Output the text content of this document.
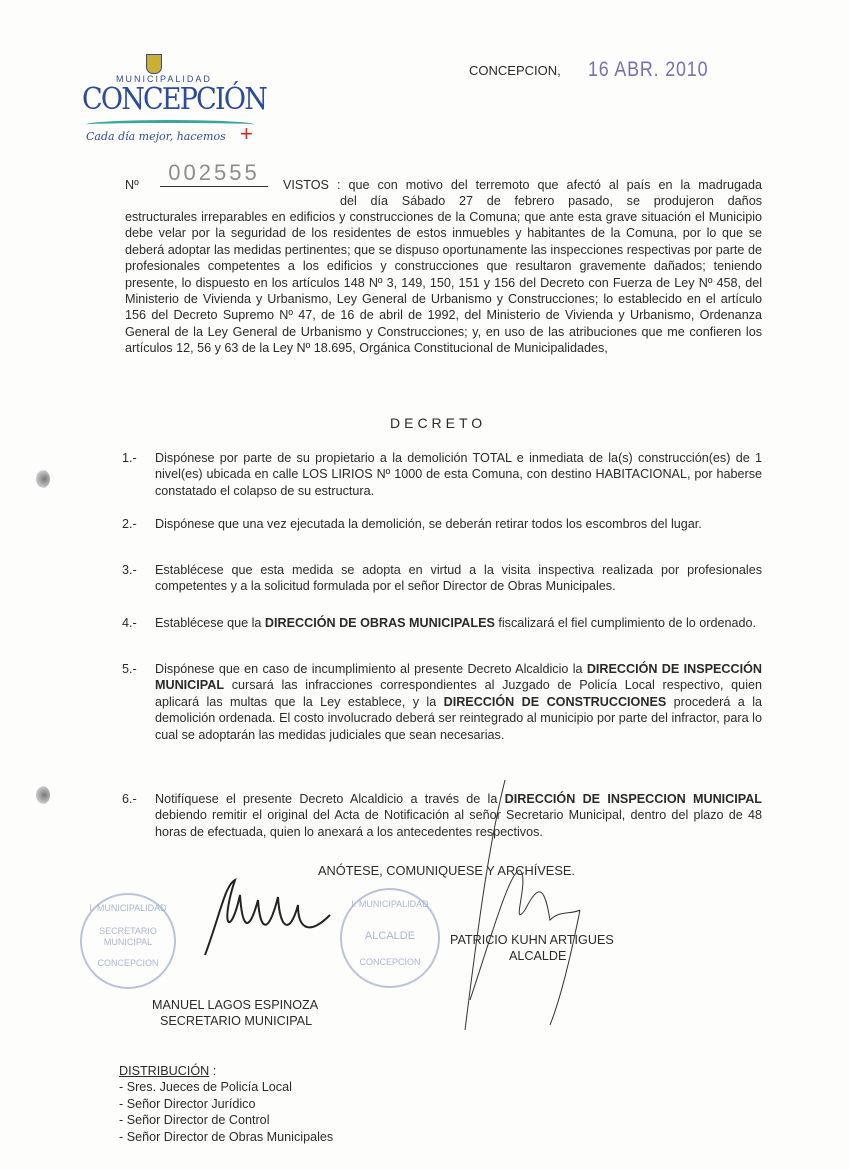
MUNICIPALIDAD
CONCEPCIÓN
Cada día mejor, hacemos +
CONCEPCION, 16 ABR. 2010
Nº	002555	VISTOS : que con motivo del terremoto que afectó al país en la madrugada
del día Sábado 27 de febrero pasado, se produjeron daños
estructurales irreparables en edificios y construcciones de la Comuna; que ante esta grave situación el Municipio debe velar por la seguridad de los residentes de estos inmuebles y habitantes de la Comuna, por lo que se deberá adoptar las medidas pertinentes; que se dispuso oportunamente las inspecciones respectivas por parte de profesionales competentes a los edificios y construcciones que resultaron gravemente dañados; teniendo presente, lo dispuesto en los artículos 148 Nº 3, 149, 150, 151 y 156 del Decreto con Fuerza de Ley Nº 458, del Ministerio de Vivienda y Urbanismo, Ley General de Urbanismo y Construcciones; lo establecido en el artículo 156 del Decreto Supremo Nº 47, de 16 de abril de 1992, del Ministerio de Vivienda y Urbanismo, Ordenanza General de la Ley General de Urbanismo y Construcciones; y, en uso de las atribuciones que me confieren los artículos 12, 56 y 63 de la Ley Nº 18.695, Orgánica Constitucional de Municipalidades,
DECRETO
1.- Dispónese por parte de su propietario a la demolición TOTAL e inmediata de la(s) construcción(es) de 1 nivel(es) ubicada en calle LOS LIRIOS Nº 1000 de esta Comuna, con destino HABITACIONAL, por haberse constatado el colapso de su estructura.
2.- Dispónese que una vez ejecutada la demolición, se deberán retirar todos los escombros del lugar.
3.- Establécese que esta medida se adopta en virtud a la visita inspectiva realizada por profesionales competentes y a la solicitud formulada por el señor Director de Obras Municipales.
4.- Establécese que la DIRECCIÓN DE OBRAS MUNICIPALES fiscalizará el fiel cumplimiento de lo ordenado.
5.- Dispónese que en caso de incumplimiento al presente Decreto Alcaldicio la DIRECCIÓN DE INSPECCIÓN MUNICIPAL cursará las infracciones correspondientes al Juzgado de Policía Local respectivo, quien aplicará las multas que la Ley establece, y la DIRECCIÓN DE CONSTRUCCIONES procederá a la demolición ordenada. El costo involucrado deberá ser reintegrado al municipio por parte del infractor, para lo cual se adoptarán las medidas judiciales que sean necesarias.
6.- Notifíquese el presente Decreto Alcaldicio a través de la DIRECCIÓN DE INSPECCION MUNICIPAL debiendo remitir el original del Acta de Notificación al señor Secretario Municipal, dentro del plazo de 48 horas de efectuada, quien lo anexará a los antecedentes respectivos.
ANÓTESE, COMUNIQUESE Y ARCHÍVESE.
I. MUNICIPALIDAD
SECRETARIO MUNICIPAL
CONCEPCION
I. MUNICIPALIDAD
ALCALDE
CONCEPCION
PATRICIO KUHN ARTIGUES
ALCALDE
MANUEL LAGOS ESPINOZA
SECRETARIO MUNICIPAL
DISTRIBUCIÓN :
- Sres. Jueces de Policía Local
- Señor Director Jurídico
- Señor Director de Control
- Señor Director de Obras Municipales
